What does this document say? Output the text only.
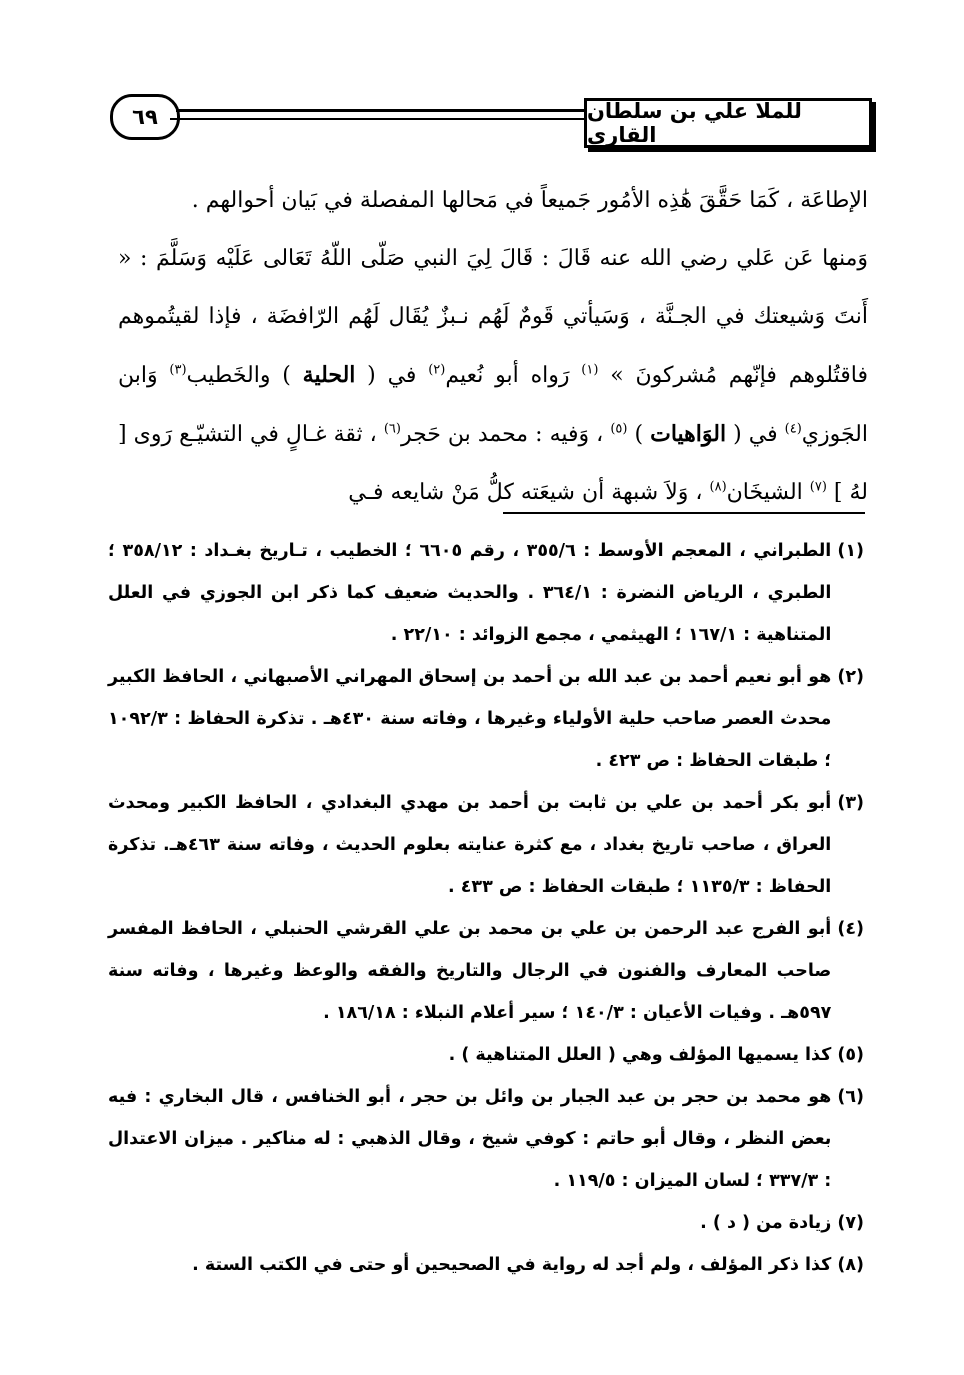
٦٩	للملا علي بن سلطان القاري

الإطاعَة ، كَمَا حَقَّقَ هَٰذِه الأمُور جَميعاً في مَحالها المفصلة في بَيان أحوالهم .

وَمنها عَن عَلي رضي الله عنه قَالَ : قَالَ لِيَ النبي صَلّى اللّهُ تَعَالى عَلَيْه وَسَلَّمَ : « أَنتَ وَشيعتك في الجـنَّة ، وَسَيأتي قَومٌ لَهُم نـبزٌ يُقَال لَهُم الرّافضَة ، فإذا لقيتُموهم فاقتُلوهم فإنّهم مُشركونَ » $^{(١)}$ رَواه أبو نُعيم$^{(٢)}$ في ( الحلية ) والخَطيب$^{(٣)}$ وَابن الجَوزي$^{(٤)}$ في ( الوَاهيات ) $^{(٥)}$ ، وَفيه : محمد بن حَجر$^{(٦)}$ ، ثقة غـالٍ في التشيّـع رَوى [ لهُ ] $^{(٧)}$ الشيخَان$^{(٨)}$ ، وَلاَ شبهة أن شيعَته كلُّ مَنْ شايعه فـي

(١)
الطبراني ، المعجم الأوسط : ٣٥٥/٦ ، رقم ٦٦٠٥ ؛ الخطيب ، تـاريخ بغـداد : ٣٥٨/١٢ ؛ الطبري ، الرياض النضرة : ٣٦٤/١ . والحديث ضعيف كما ذكر ابن الجوزي في العلل المتناهية : ١٦٧/١ ؛ الهيثمي ، مجمع الزوائد : ٢٢/١٠ .
(٢)
هو أبو نعيم أحمد بن عبد الله بن أحمد بن إسحاق المهراني الأصبهاني ، الحافظ الكبير محدث العصر صاحب حلية الأولياء وغيرها ، وفاته سنة ٤٣٠هـ . تذكرة الحفاظ : ١٠٩٢/٣ ؛ طبقات الحفاظ : ص ٤٢٣ .
(٣)
أبو بكر أحمد بن علي بن ثابت بن أحمد بن مهدي البغدادي ، الحافظ الكبير ومحدث العراق ، صاحب تاريخ بغداد ، مع كثرة عنايته بعلوم الحديث ، وفاته سنة ٤٦٣هـ. تذكرة الحفاظ : ١١٣٥/٣ ؛ طبقات الحفاظ : ص ٤٣٣ .
(٤)
أبو الفرج عبد الرحمن بن علي بن محمد بن علي القرشي الحنبلي ، الحافظ المفسر صاحب المعارف والفنون في الرجال والتاريخ والفقه والوعظ وغيرها ، وفاته سنة ٥٩٧هـ . وفيات الأعيان : ١٤٠/٣ ؛ سير أعلام النبلاء : ١٨٦/١٨ .
(٥)
كذا يسميها المؤلف وهي ( العلل المتناهية ) .
(٦)
هو محمد بن حجر بن عبد الجبار بن وائل بن حجر ، أبو الخنافس ، قال البخاري : فيه بعض النظر ، وقال أبو حاتم : كوفي شيخ ، وقال الذهبي : له مناكير . ميزان الاعتدال : ٣٣٧/٣ ؛ لسان الميزان : ١١٩/٥ .
(٧)
زيادة من ( د ) .
(٨)
كذا ذكر المؤلف ، ولم أجد له رواية في الصحيحين أو حتى في الكتب الستة .
